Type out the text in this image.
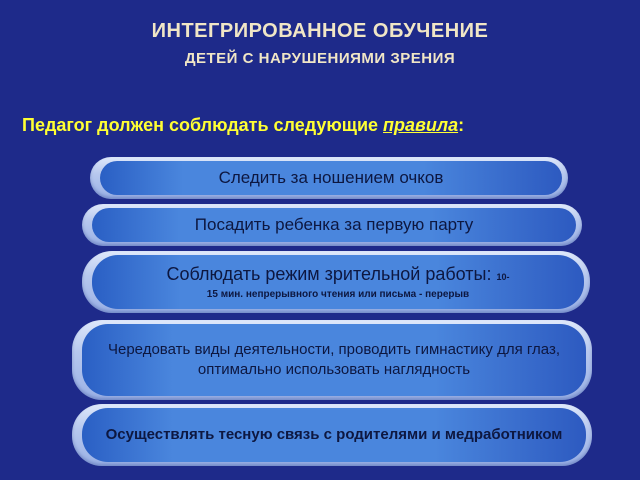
ИНТЕГРИРОВАННОЕ ОБУЧЕНИЕ
ДЕТЕЙ С НАРУШЕНИЯМИ ЗРЕНИЯ
Педагог должен соблюдать следующие правила:
Следить за ношением очков
Посадить ребенка за первую парту
Соблюдать режим зрительной работы: 10-
15 мин. непрерывного чтения или письма - перерыв
Чередовать виды деятельности, проводить гимнастику для глаз, оптимально использовать наглядность
Осуществлять тесную связь с родителями и медработником
